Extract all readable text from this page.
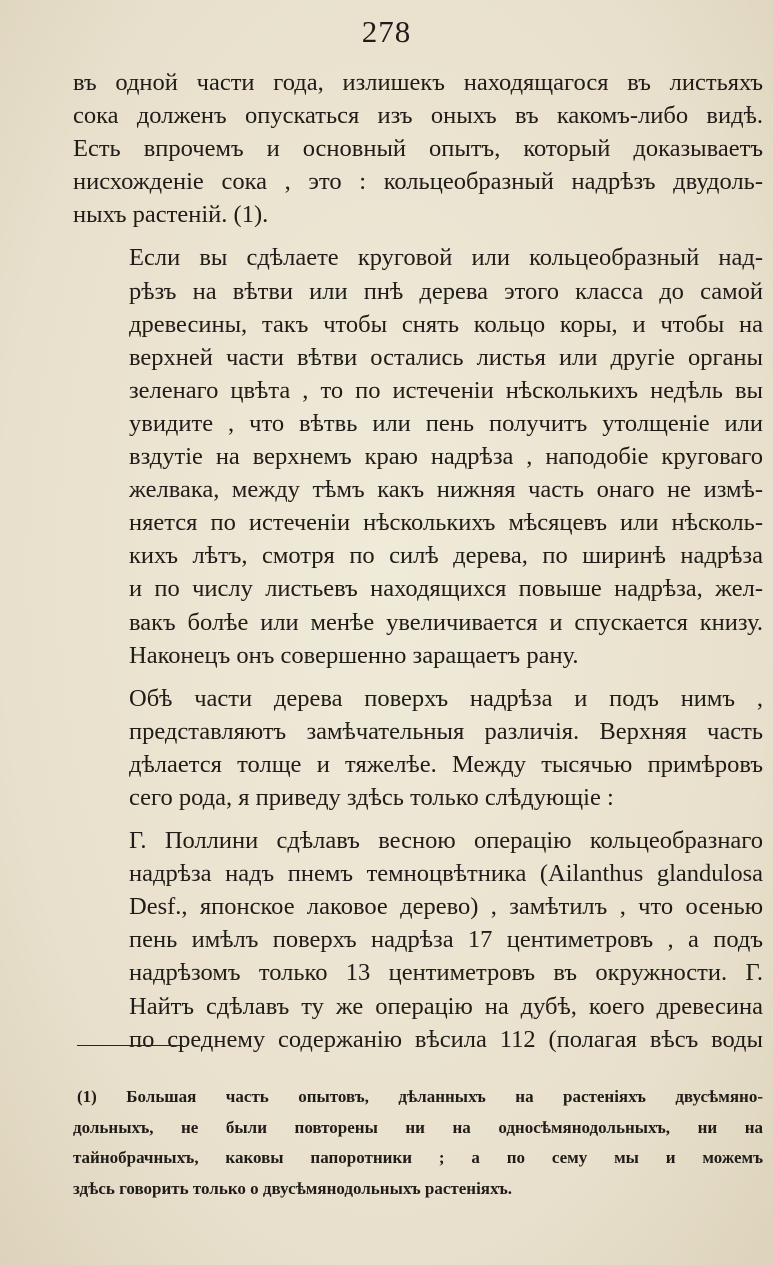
278

въ одной части года, излишекъ находящагося въ листьяхъ
сока долженъ опускаться изъ оныхъ въ какомъ-либо видѣ.
Есть впрочемъ и основный опытъ, который доказываетъ
нисхожденіе сока , это : кольцеобразный надрѣзъ двудоль-
ныхъ растеній. (1).

Если вы сдѣлаете круговой или кольцеобразный над-
рѣзъ на вѣтви или пнѣ дерева этого класса до самой
древесины, такъ чтобы снять кольцо коры, и чтобы на
верхней части вѣтви остались листья или другіе органы
зеленаго цвѣта , то по истеченіи нѣсколькихъ недѣль вы
увидите , что вѣтвь или пень получитъ утолщеніе или
вздутіе на верхнемъ краю надрѣза , наподобіе круговаго
желвака, между тѣмъ какъ нижняя часть онаго не измѣ-
няется по истеченіи нѣсколькихъ мѣсяцевъ или нѣсколь-
кихъ лѣтъ, смотря по силѣ дерева, по ширинѣ надрѣза
и по числу листьевъ находящихся повыше надрѣза, жел-
вакъ болѣе или менѣе увеличивается и спускается книзу.
Наконецъ онъ совершенно заращаетъ рану.

Обѣ части дерева поверхъ надрѣза и подъ нимъ ,
представляютъ замѣчательныя различія. Верхняя часть
дѣлается толще и тяжелѣе. Между тысячью примѣровъ
сего рода, я приведу здѣсь только слѣдующіе :

Г. Поллини сдѣлавъ весною операцію кольцеобразнаго
надрѣза надъ пнемъ темноцвѣтника (Ailanthus glandulosa
Desf., японское лаковое дерево) , замѣтилъ , что осенью
пень имѣлъ поверхъ надрѣза 17 центиметровъ , а подъ
надрѣзомъ только 13 центиметровъ въ окружности. Г.
Найтъ сдѣлавъ ту же операцію на дубѣ, коего древесина
по среднему содержанію вѣсила 112 (полагая вѣсъ воды

(1) Большая часть опытовъ, дѣланныхъ на растеніяхъ двусѣмяно-
дольныхъ, не были повторены ни на односѣмянодольныхъ, ни на
тайнобрачныхъ, каковы папоротники ; а по сему мы и можемъ
здѣсь говорить только о двусѣмянодольныхъ растеніяхъ.
